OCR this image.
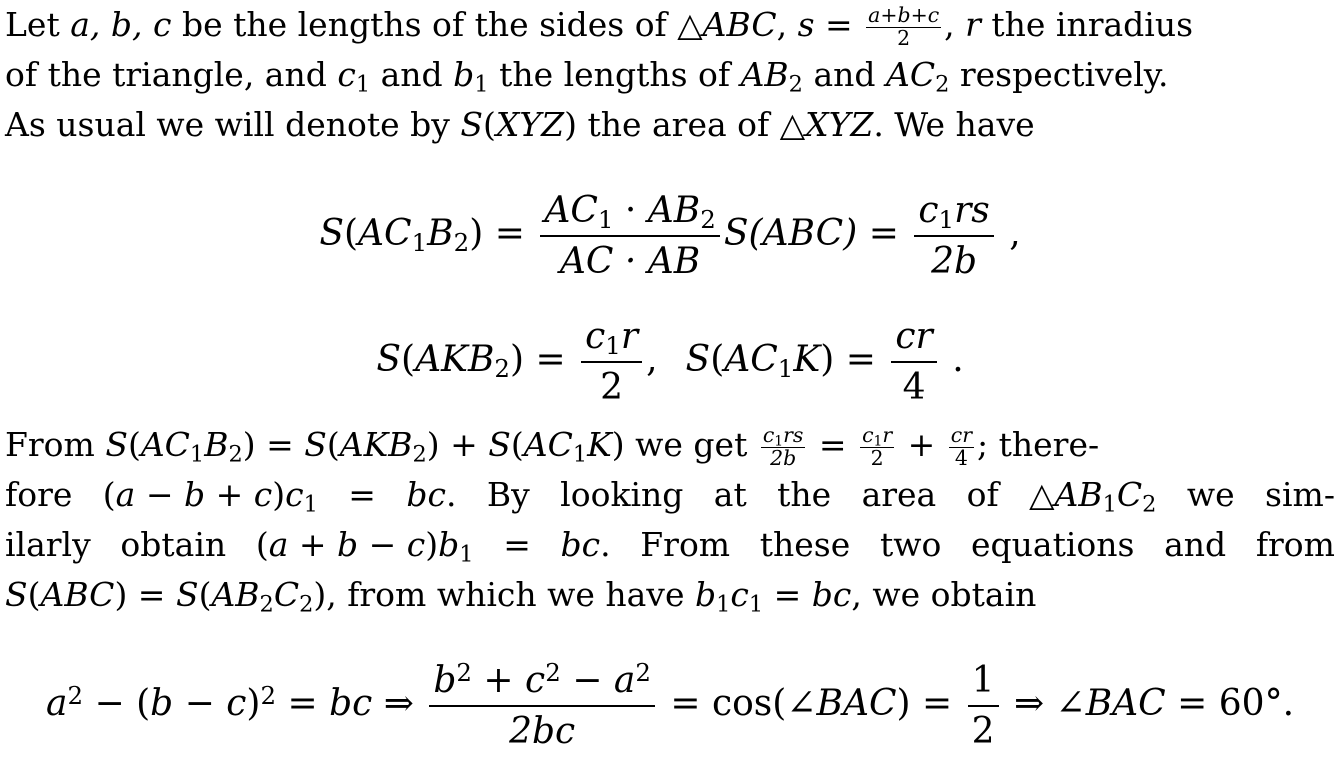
Let a, b, c be the lengths of the sides of △ABC, $s = \frac{a+b+c}{2}$ , r the inradius
of the triangle, and $c_1$ and $b_1$ the lengths of $AB_2$ and $AC_2$ respectively.
As usual we will denote by S(XYZ) the area of △XYZ. We have
$S(AC_1B_2) = \frac{AC_1 \cdot AB_2}{AC \cdot AB} S(ABC) = \frac{c_1rs}{2b}$ ,
$S(AKB_2) = \frac{c_1r}{2}$ , $S(AC_1K) = \frac{cr}{4}$ .
From $S(AC_1B_2) = S(AKB_2) + S(AC_1K)$ we get $\frac{c_1rs}{2b} = \frac{c_1r}{2} + \frac{cr}{4}$ ; there-
fore $(a - b + c)c_1$ = bc. By looking at the area of $\triangle AB_1C_2$ we sim-
ilarly obtain $(a + b - c)b_1$ = bc. From these two equations and from
$S(ABC) = S(AB_2C_2)$, from which we have $b_1c_1$ = bc, we obtain
$a^2 - (b - c)^2$ = bc ⇒ $\frac{b^2 + c^2 - a^2}{2bc}$ = cos(∠BAC) = $\frac{1}{2}$ ⇒ ∠BAC = 60°.
